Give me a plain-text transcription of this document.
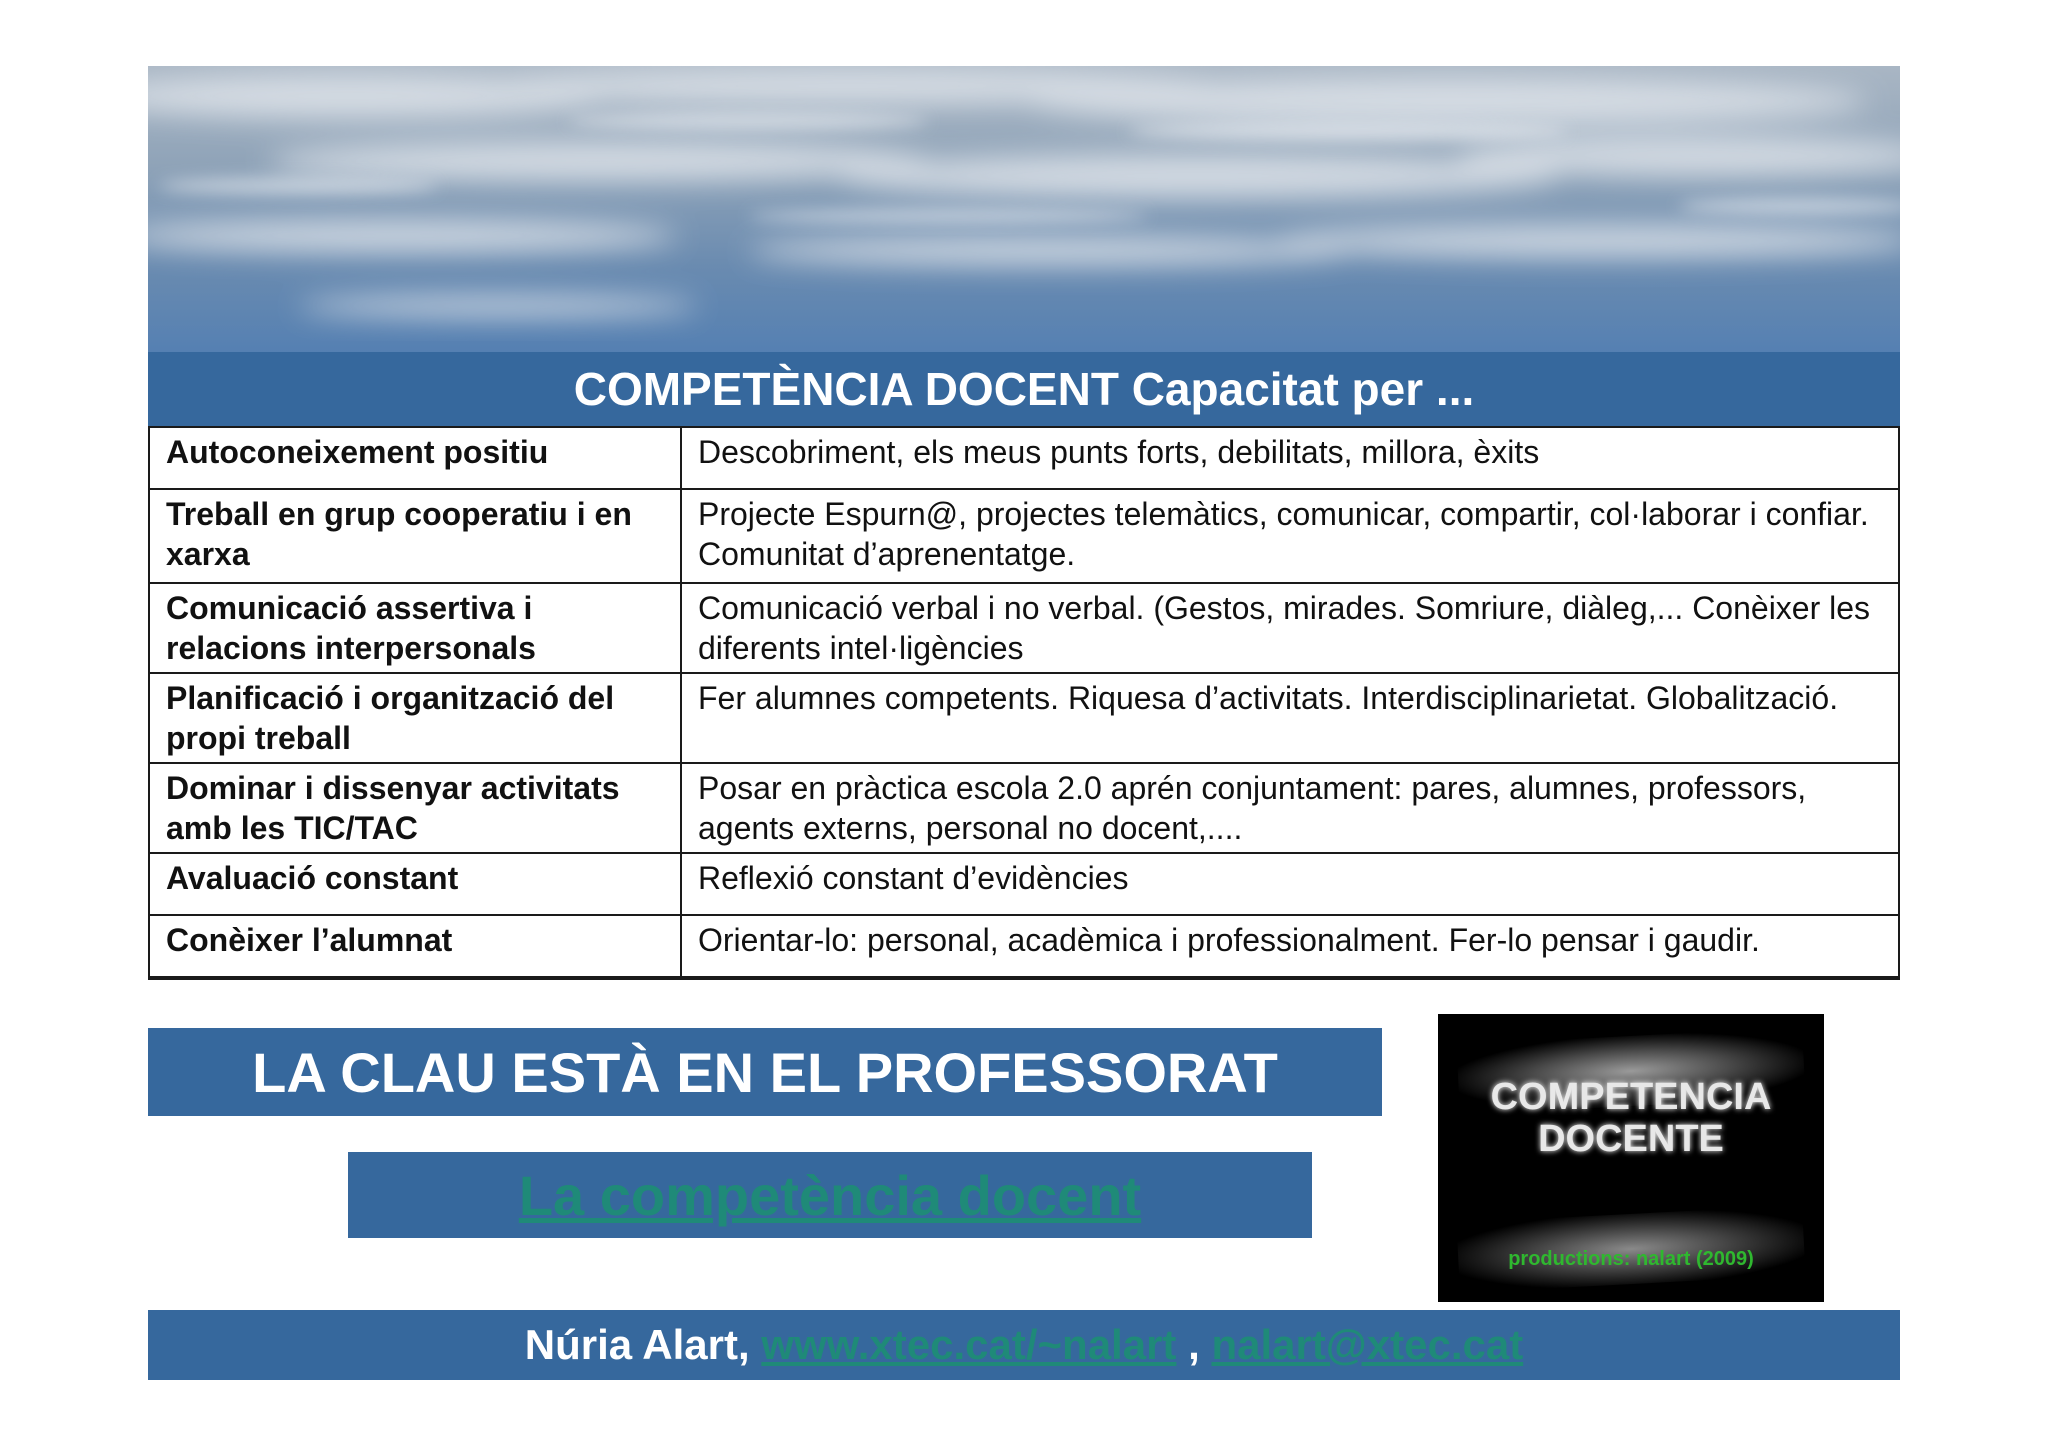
COMPETÈNCIA DOCENT Capacitat per ...
Autoconeixement positiu	Descobriment, els meus punts forts, debilitats, millora, èxits
Treball en grup cooperatiu i en xarxa	Projecte Espurn@, projectes telemàtics, comunicar, compartir, col·laborar i confiar. Comunitat d’aprenentatge.
Comunicació assertiva i relacions interpersonals	Comunicació verbal i no verbal. (Gestos, mirades. Somriure, diàleg,... Conèixer les diferents intel·ligències
Planificació i organització del propi treball	Fer alumnes competents. Riquesa d’activitats. Interdisciplinarietat. Globalització.
Dominar i dissenyar activitats amb les TIC/TAC	Posar en pràctica escola 2.0 aprén conjuntament: pares, alumnes, professors, agents externs, personal no docent,....
Avaluació constant	Reflexió constant d’evidències
Conèixer l’alumnat	Orientar-lo: personal, acadèmica i professionalment. Fer-lo pensar i gaudir.
LA CLAU ESTÀ EN EL PROFESSORAT
La competència docent
COMPETENCIA
DOCENTE
productions: nalart (2009)
Núria Alart, www.xtec.cat/~nalart , nalart@xtec.cat
